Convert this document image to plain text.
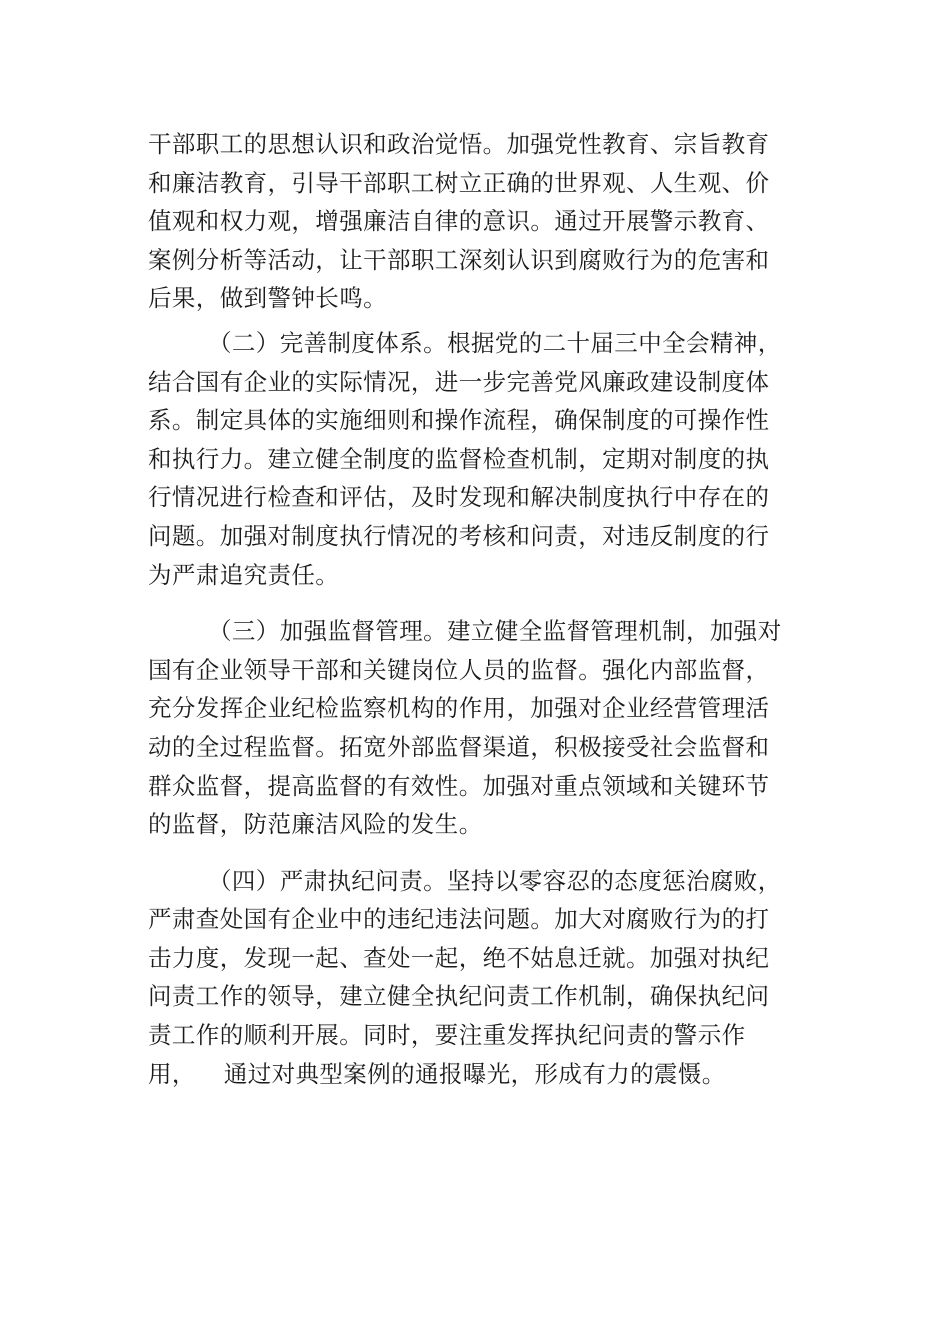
干部职工的思想认识和政治觉悟。加强党性教育、宗旨教育
和廉洁教育，引导干部职工树立正确的世界观、人生观、价
值观和权力观，增强廉洁自律的意识。通过开展警示教育、
案例分析等活动，让干部职工深刻认识到腐败行为的危害和
后果，做到警钟长鸣。
（二）完善制度体系。根据党的二十届三中全会精神，
结合国有企业的实际情况，进一步完善党风廉政建设制度体
系。制定具体的实施细则和操作流程，确保制度的可操作性
和执行力。建立健全制度的监督检查机制，定期对制度的执
行情况进行检查和评估，及时发现和解决制度执行中存在的
问题。加强对制度执行情况的考核和问责，对违反制度的行
为严肃追究责任。
（三）加强监督管理。建立健全监督管理机制，加强对
国有企业领导干部和关键岗位人员的监督。强化内部监督，
充分发挥企业纪检监察机构的作用，加强对企业经营管理活
动的全过程监督。拓宽外部监督渠道，积极接受社会监督和
群众监督，提高监督的有效性。加强对重点领域和关键环节
的监督，防范廉洁风险的发生。
（四）严肃执纪问责。坚持以零容忍的态度惩治腐败，
严肃查处国有企业中的违纪违法问题。加大对腐败行为的打
击力度，发现一起、查处一起，绝不姑息迁就。加强对执纪
问责工作的领导，建立健全执纪问责工作机制，确保执纪问
责工作的顺利开展。同时，要注重发挥执纪问责的警示作
用， 通过对典型案例的通报曝光，形成有力的震慑。
